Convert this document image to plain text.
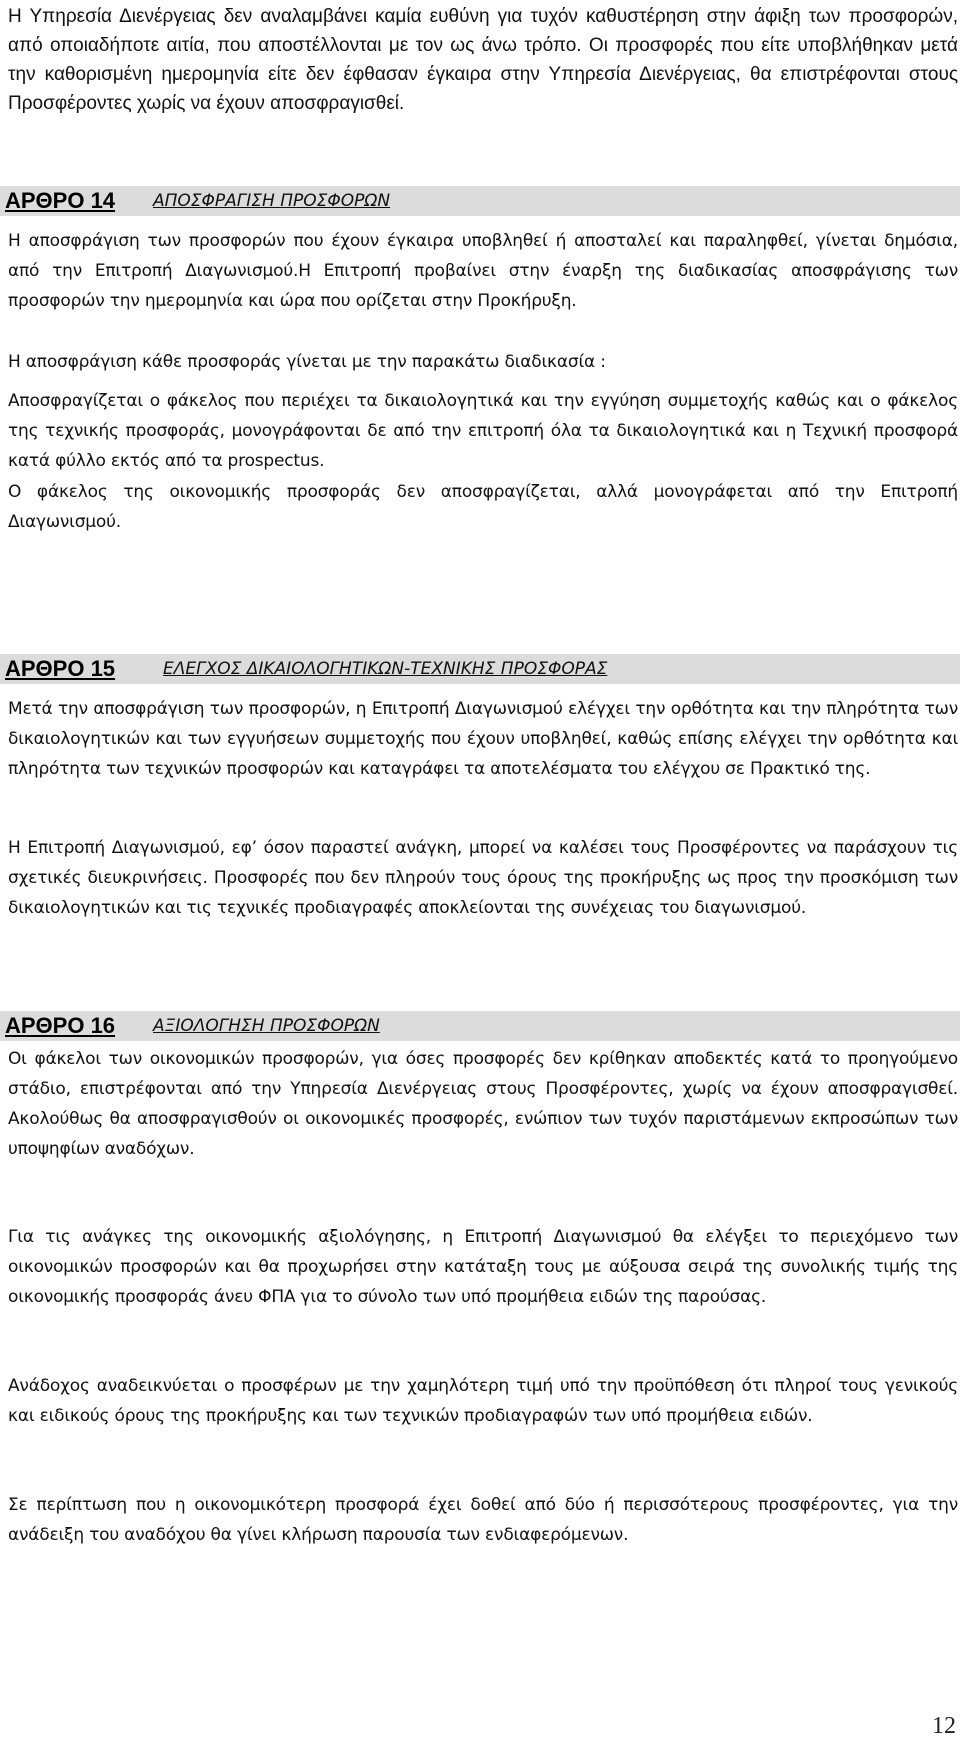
Η Υπηρεσία Διενέργειας δεν αναλαμβάνει καμία ευθύνη για τυχόν καθυστέρηση στην άφιξη των προσφορών, από οποιαδήποτε αιτία, που αποστέλλονται με τον ως άνω τρόπο. Οι προσφορές που είτε υποβλήθηκαν μετά την καθορισμένη ημερομηνία είτε δεν έφθασαν έγκαιρα στην Υπηρεσία Διενέργειας, θα επιστρέφονται στους Προσφέροντες χωρίς να έχουν αποσφραγισθεί.

ΑΡΘΡΟ 14	ΑΠΟΣΦΡΑΓΙΣΗ ΠΡΟΣΦΟΡΩΝ

Η αποσφράγιση των προσφορών που έχουν έγκαιρα υποβληθεί ή αποσταλεί και παραληφθεί, γίνεται δημόσια, από την Επιτροπή Διαγωνισμού.Η Επιτροπή προβαίνει στην έναρξη της διαδικασίας αποσφράγισης των προσφορών την ημερομηνία και ώρα που ορίζεται στην Προκήρυξη.

Η αποσφράγιση κάθε προσφοράς γίνεται με την παρακάτω διαδικασία :

Αποσφραγίζεται ο φάκελος που περιέχει τα δικαιολογητικά και την εγγύηση συμμετοχής καθώς και ο φάκελος της τεχνικής προσφοράς, μονογράφονται δε από την επιτροπή όλα τα δικαιολογητικά και η Τεχνική προσφορά κατά φύλλο εκτός από τα prospectus.

Ο φάκελος της οικονομικής προσφοράς δεν αποσφραγίζεται, αλλά μονογράφεται από την Επιτροπή Διαγωνισμού.

ΑΡΘΡΟ 15	ΕΛΕΓΧΟΣ ΔΙΚΑΙΟΛΟΓΗΤΙΚΩΝ-ΤΕΧΝΙΚΗΣ ΠΡΟΣΦΟΡΑΣ

Μετά την αποσφράγιση των προσφορών, η Επιτροπή Διαγωνισμού ελέγχει την ορθότητα και την πληρότητα των δικαιολογητικών και των εγγυήσεων συμμετοχής που έχουν υποβληθεί, καθώς επίσης ελέγχει την ορθότητα και πληρότητα των τεχνικών προσφορών και καταγράφει τα αποτελέσματα του ελέγχου σε Πρακτικό της.

Η Επιτροπή Διαγωνισμού, εφ’ όσον παραστεί ανάγκη, μπορεί να καλέσει τους Προσφέροντες να παράσχουν τις σχετικές διευκρινήσεις. Προσφορές που δεν πληρούν τους όρους της προκήρυξης ως προς την προσκόμιση των δικαιολογητικών και τις τεχνικές προδιαγραφές αποκλείονται της συνέχειας του διαγωνισμού.

ΑΡΘΡΟ 16	ΑΞΙΟΛΟΓΗΣΗ ΠΡΟΣΦΟΡΩΝ

Οι φάκελοι των οικονομικών προσφορών, για όσες προσφορές δεν κρίθηκαν αποδεκτές κατά το προηγούμενο στάδιο, επιστρέφονται από την Υπηρεσία Διενέργειας στους Προσφέροντες, χωρίς να έχουν αποσφραγισθεί. Ακολούθως θα αποσφραγισθούν οι οικονομικές προσφορές, ενώπιον των τυχόν παριστάμενων εκπροσώπων των υποψηφίων αναδόχων.

Για τις ανάγκες της οικονομικής αξιολόγησης, η Επιτροπή Διαγωνισμού θα ελέγξει το περιεχόμενο των οικονομικών προσφορών και θα προχωρήσει στην κατάταξη τους με αύξουσα σειρά της συνολικής τιμής της οικονομικής προσφοράς άνευ ΦΠΑ για το σύνολο των υπό προμήθεια ειδών της παρούσας.

Ανάδοχος αναδεικνύεται ο προσφέρων με την χαμηλότερη τιμή υπό την προϋπόθεση ότι πληροί τους γενικούς και ειδικούς όρους της προκήρυξης και των τεχνικών προδιαγραφών των υπό προμήθεια ειδών.

Σε περίπτωση που η οικονομικότερη προσφορά έχει δοθεί από δύο ή περισσότερους προσφέροντες, για την ανάδειξη του αναδόχου θα γίνει κλήρωση παρουσία των ενδιαφερόμενων.

12
